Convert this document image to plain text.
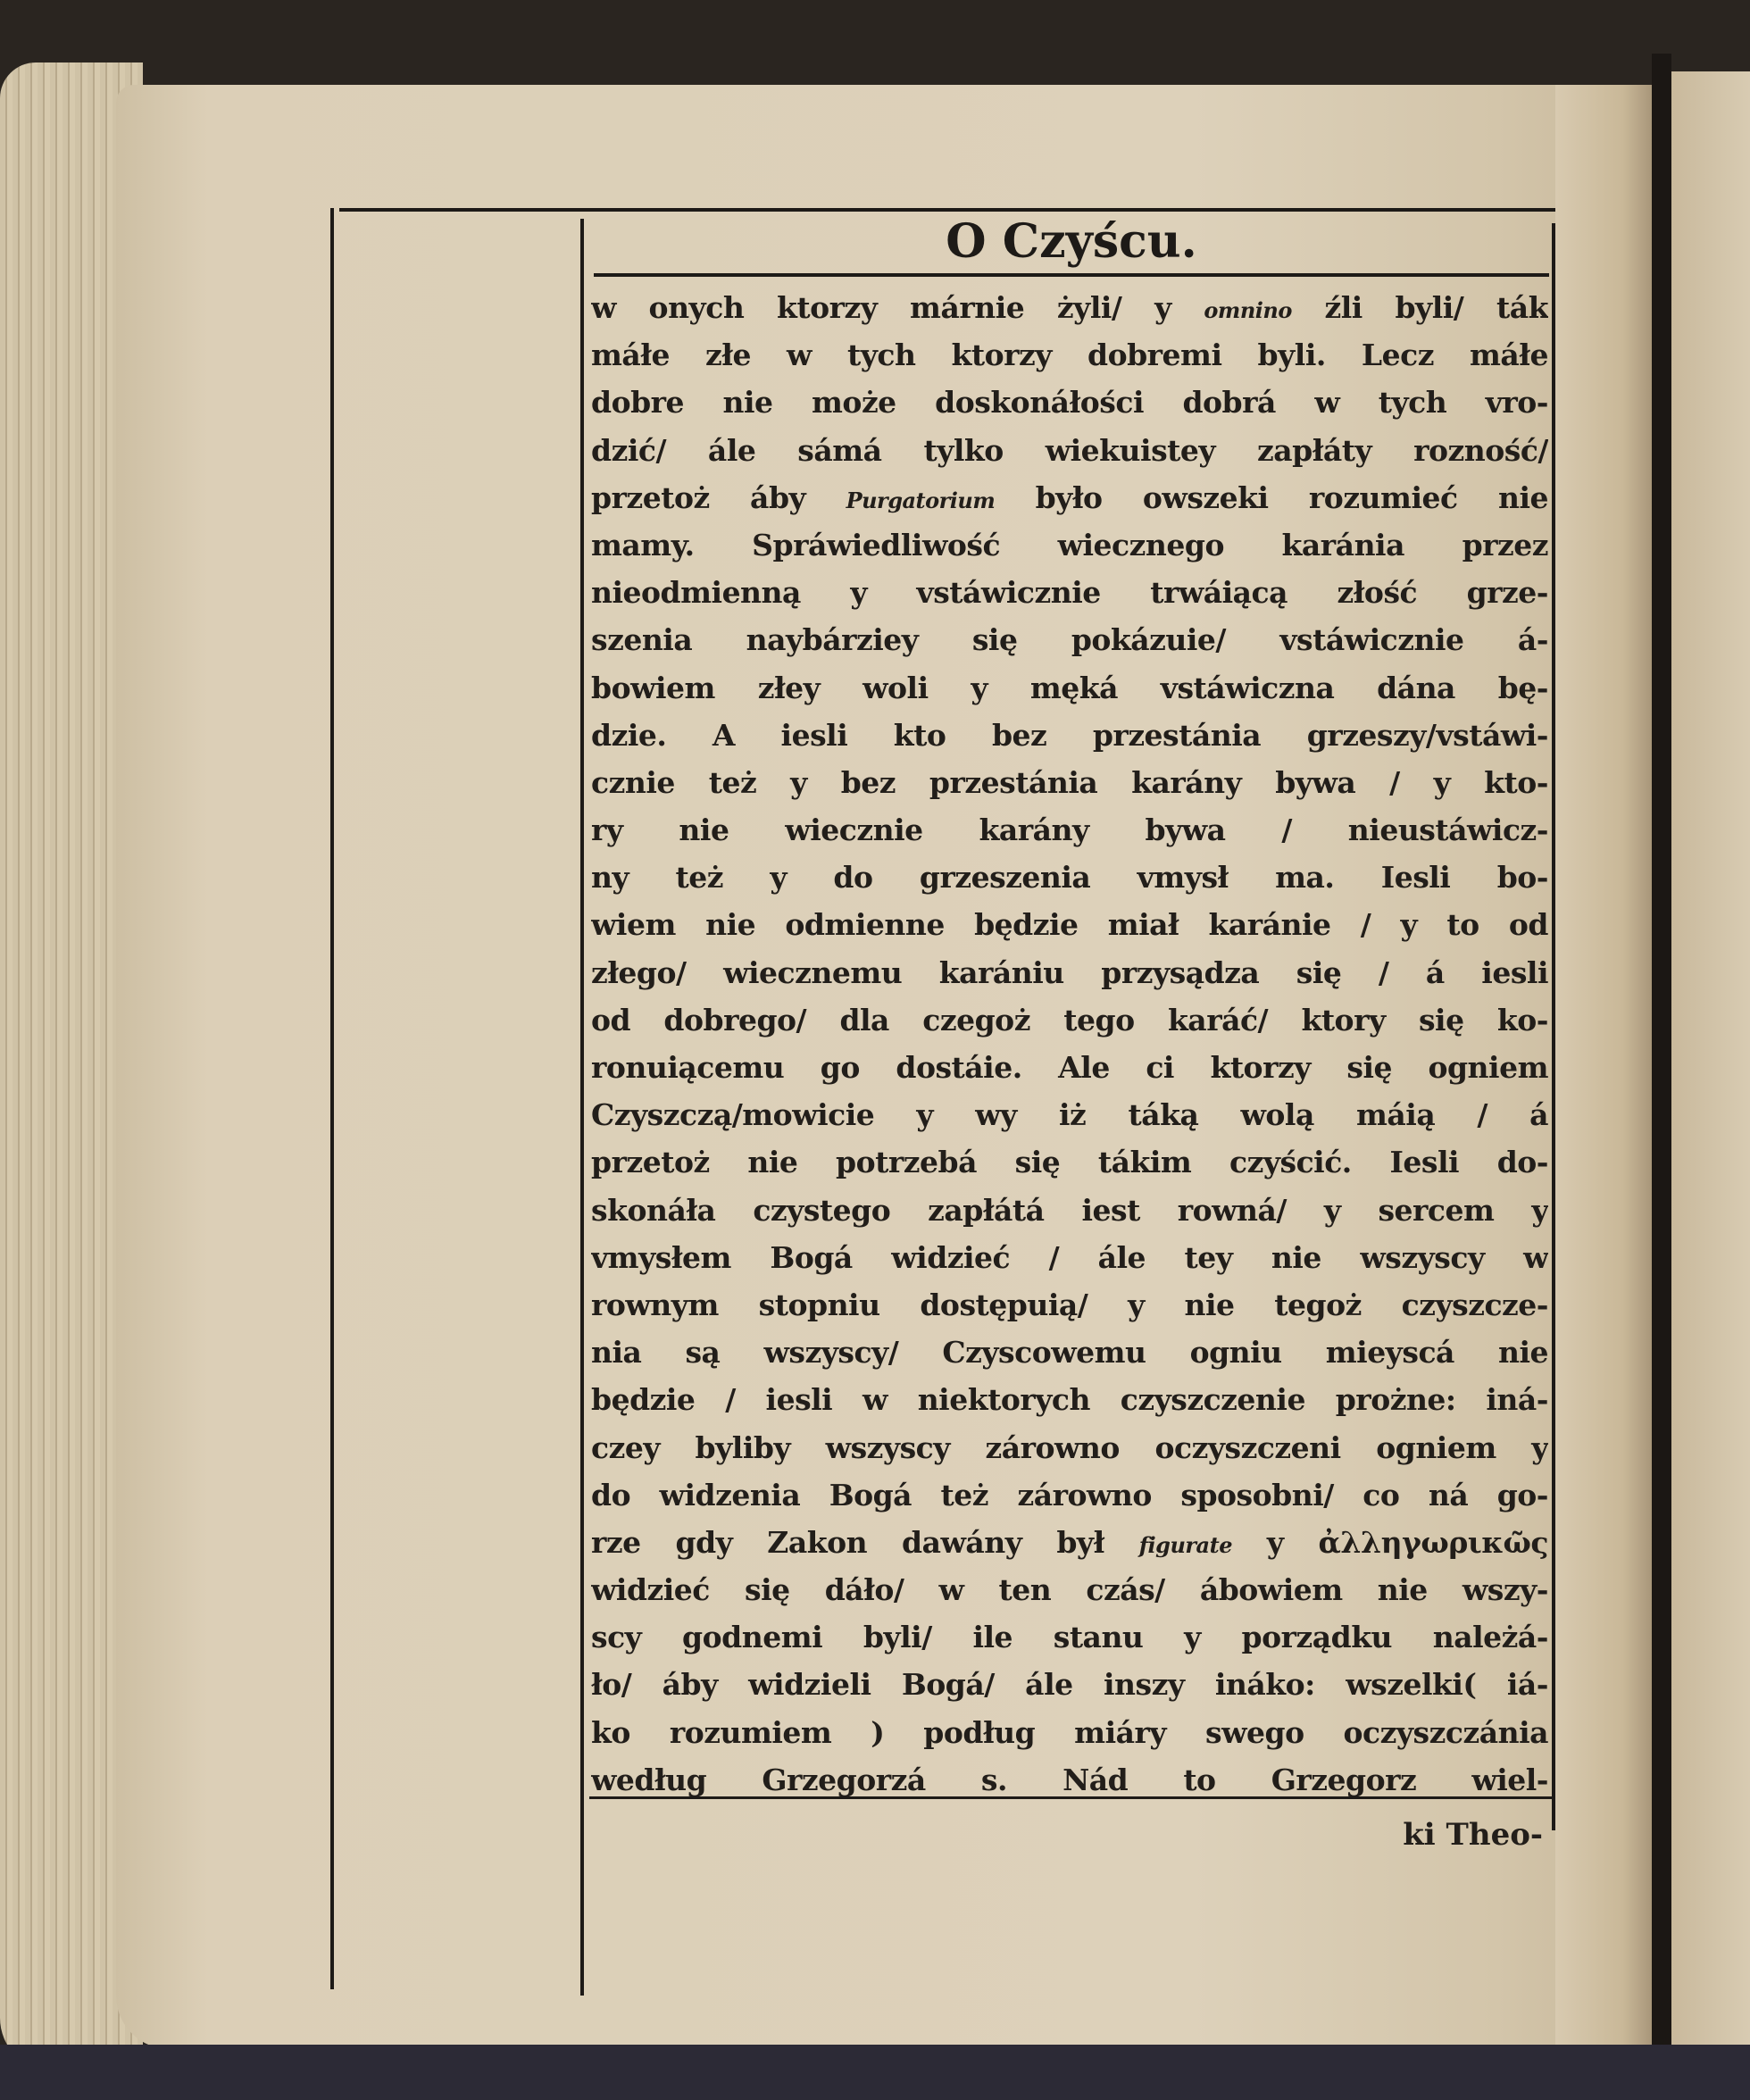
O Czyścu.
w onych ktorzy márnie żyli/ y omnino źli byli/ ták
máłe złe w tych ktorzy dobremi byli. Lecz máłe
dobre nie może doskonáłości dobrá w tych vro-
dzić/ ále sámá tylko wiekuistey zapłáty rozność/
przetoż áby Purgatorium było owszeki rozumieć nie
mamy. Spráwiedliwość wiecznego karánia przez
nieodmienną y vstáwicznie trwáiącą złość grze-
szenia naybárziey się pokázuie/ vstáwicznie á-
bowiem złey woli y męká vstáwiczna dána bę-
dzie. A iesli kto bez przestánia grzeszy/vstáwi-
cznie też y bez przestánia karány bywa / y kto-
ry nie wiecznie karány bywa / nieustáwicz-
ny też y do grzeszenia vmysł ma. Iesli bo-
wiem nie odmienne będzie miał karánie / y to od
złego/ wiecznemu karániu przysądza się / á iesli
od dobrego/ dla czegoż tego karáć/ ktory się ko-
ronuiącemu go dostáie. Ale ci ktorzy się ogniem
Czyszczą/mowicie y wy iż táką wolą máią / á
przetoż nie potrzebá się tákim czyścić. Iesli do-
skonáła czystego zapłátá iest rowná/ y sercem y
vmysłem Bogá widzieć / ále tey nie wszyscy w
rownym stopniu dostępuią/ y nie tegoż czyszcze-
nia są wszyscy/ Czyscowemu ogniu mieyscá nie
będzie / iesli w niektorych czyszczenie prożne: iná-
czey byliby wszyscy zárowno oczyszczeni ogniem y
do widzenia Bogá też zárowno sposobni/ co ná go-
rze gdy Zakon dawány był figurate y ἀλληγωρικῶς
widzieć się dáło/ w ten czás/ ábowiem nie wszy-
scy godnemi byli/ ile stanu y porządku należá-
ło/ áby widzieli Bogá/ ále inszy ináko: wszelki( iá-
ko rozumiem ) podług miáry swego oczyszczánia
według Grzegorzá s. Nád to Grzegorz wiel-
ki Theo-
